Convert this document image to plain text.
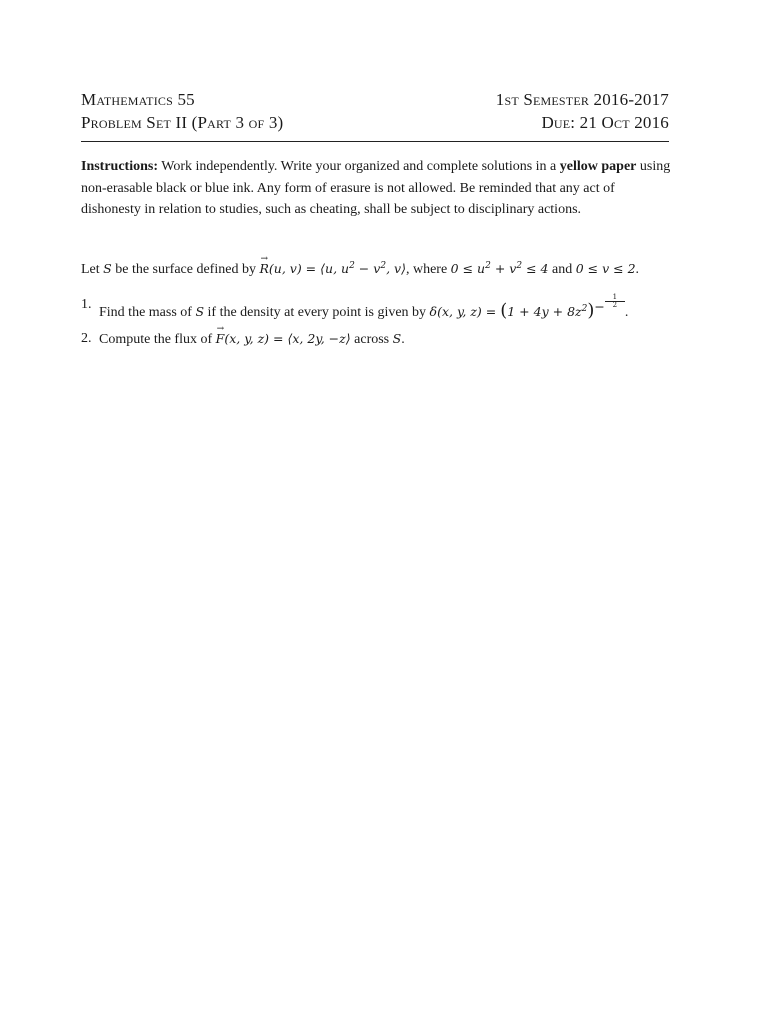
Mathematics 55	1st Semester 2016-2017
Problem Set II (Part 3 of 3)	Due: 21 Oct 2016
Instructions: Work independently. Write your organized and complete solutions in a yellow paper using non-erasable black or blue ink. Any form of erasure is not allowed. Be reminded that any act of dishonesty in relation to studies, such as cheating, shall be subject to disciplinary actions.
Let S be the surface defined by → R(u, v) = ⟨u, $u^2 - v^2$, v⟩, where $0 \le u^2 + v^2 \le 4$ and 0 ≤ v ≤ 2.
1.
Find the mass of S if the density at every point is given by δ(x, y, $z) = (1 + 4y + 8z^2)^{- \frac{1}{2}}$
.
2. Compute the flux of → F(x, y, z) = ⟨x, 2y, −z⟩ across S.
